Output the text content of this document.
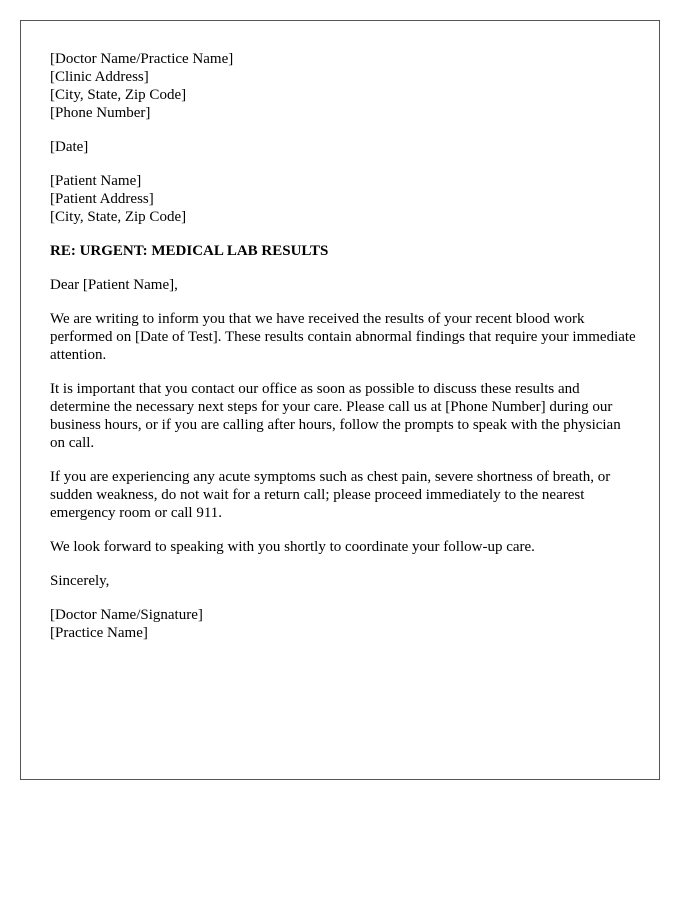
[Doctor Name/Practice Name]
[Clinic Address]
[City, State, Zip Code]
[Phone Number]
[Date]
[Patient Name]
[Patient Address]
[City, State, Zip Code]

RE: URGENT: MEDICAL LAB RESULTS

Dear [Patient Name],

We are writing to inform you that we have received the results of your recent blood work performed on [Date of Test]. These results contain abnormal findings that require your immediate attention.

It is important that you contact our office as soon as possible to discuss these results and determine the necessary next steps for your care. Please call us at [Phone Number] during our business hours, or if you are calling after hours, follow the prompts to speak with the physician on call.

If you are experiencing any acute symptoms such as chest pain, severe shortness of breath, or sudden weakness, do not wait for a return call; please proceed immediately to the nearest emergency room or call 911.

We look forward to speaking with you shortly to coordinate your follow-up care.

Sincerely,

[Doctor Name/Signature]
[Practice Name]
